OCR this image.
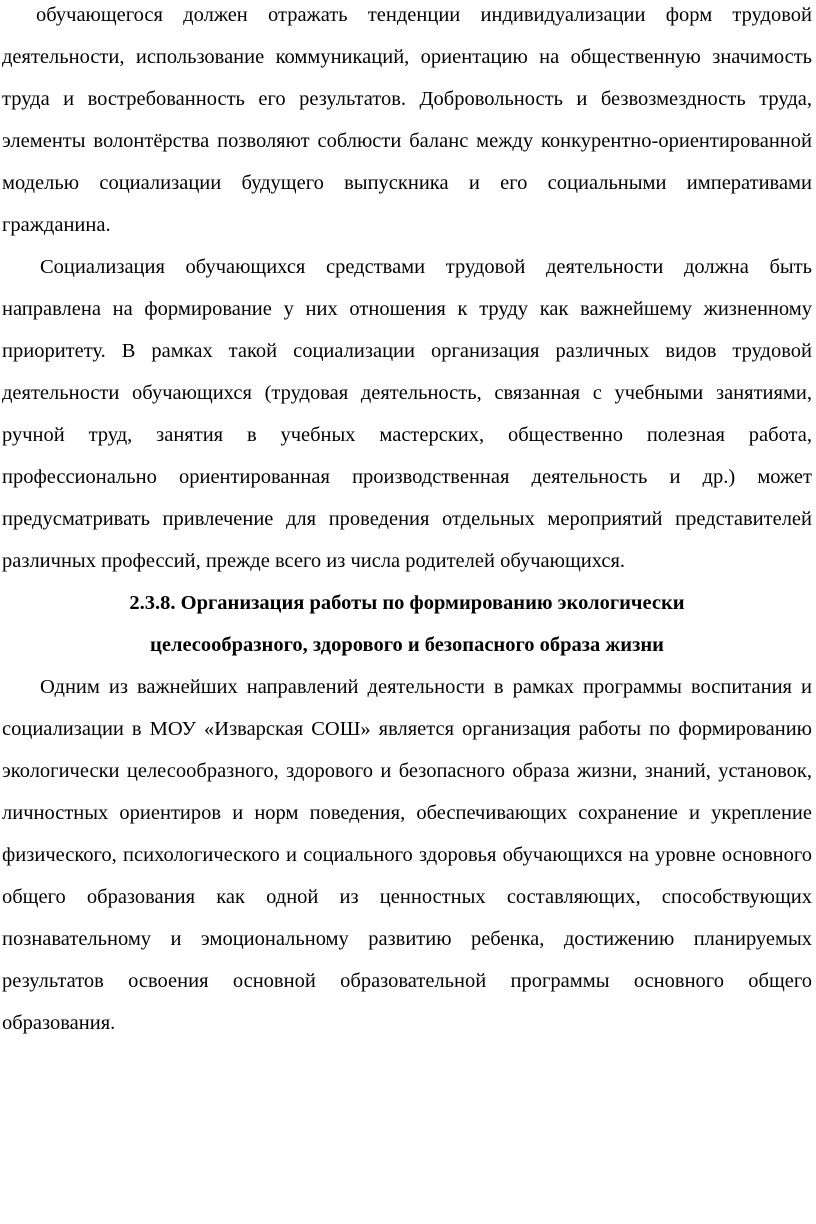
обучающегося должен отражать тенденции индивидуализации форм трудовой деятельности, использование коммуникаций, ориентацию на общественную значимость труда и востребованность его результатов. Добровольность и безвозмездность труда, элементы волонтёрства позволяют соблюсти баланс между конкурентно-ориентированной моделью социализации будущего выпускника и его социальными императивами гражданина.

Социализация обучающихся средствами трудовой деятельности должна быть направлена на формирование у них отношения к труду как важнейшему жизненному приоритету. В рамках такой социализации организация различных видов трудовой деятельности обучающихся (трудовая деятельность, связанная с учебными занятиями, ручной труд, занятия в учебных мастерских, общественно полезная работа, профессионально ориентированная производственная деятельность и др.) может предусматривать привлечение для проведения отдельных мероприятий представителей различных профессий, прежде всего из числа родителей обучающихся.

2.3.8. Организация работы по формированию экологически
целесообразного, здорового и безопасного образа жизни

Одним из важнейших направлений деятельности в рамках программы воспитания и социализации в МОУ «Изварская СОШ» является организация работы по формированию экологически целесообразного, здорового и безопасного образа жизни, знаний, установок, личностных ориентиров и норм поведения, обеспечивающих сохранение и укрепление физического, психологического и социального здоровья обучающихся на уровне основного общего образования как одной из ценностных составляющих, способствующих познавательному и эмоциональному развитию ребенка, достижению планируемых результатов освоения основной образовательной программы основного общего образования.
